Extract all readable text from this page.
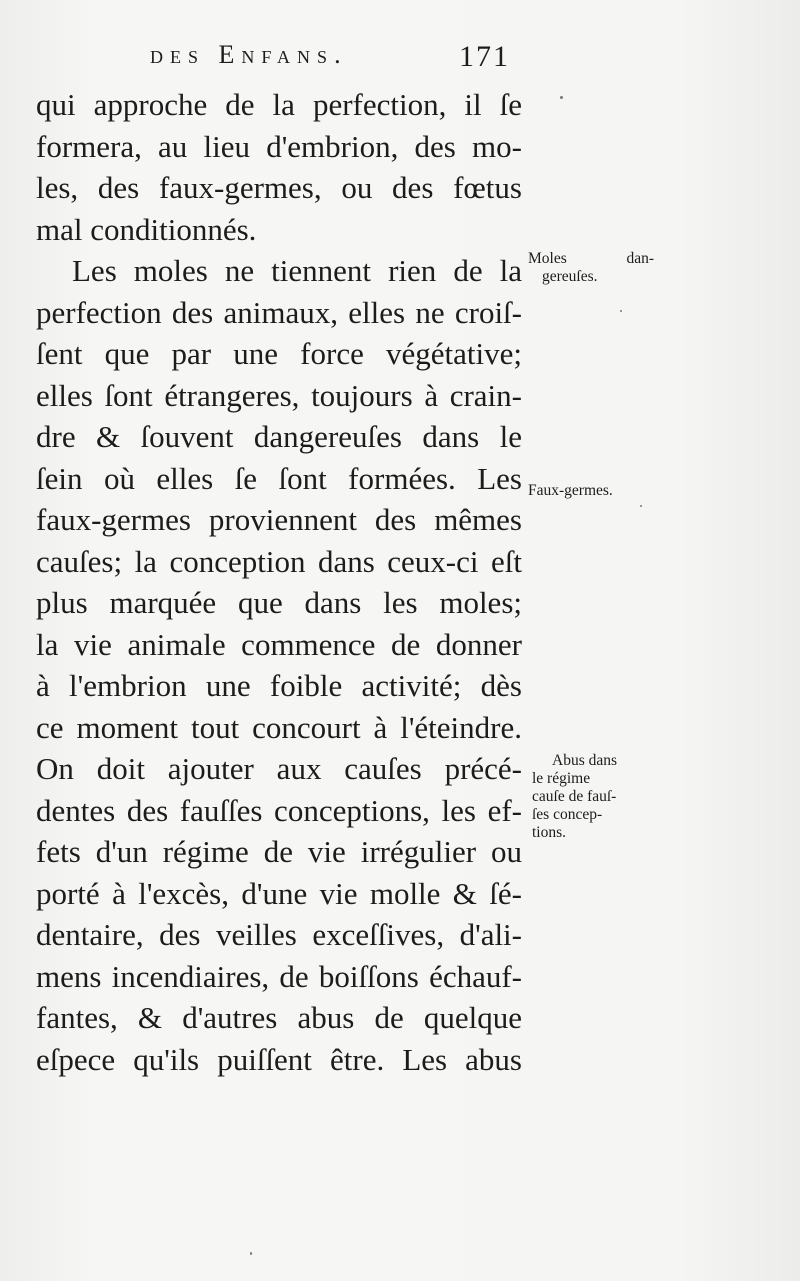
des Enfans.	171
qui approche de la perfection, il ſe
formera, au lieu d'embrion, des mo-
les, des faux-germes, ou des fœtus
mal conditionnés.
Les moles ne tiennent rien de la
perfection des animaux, elles ne croiſ-
ſent que par une force végétative;
elles ſont étrangeres, toujours à crain-
dre & ſouvent dangereuſes dans le
ſein où elles ſe ſont formées. Les
faux-germes proviennent des mêmes
cauſes; la conception dans ceux-ci eſt
plus marquée que dans les moles;
la vie animale commence de donner
à l'embrion une foible activité; dès
ce moment tout concourt à l'éteindre.
On doit ajouter aux cauſes précé-
dentes des fauſſes conceptions, les ef-
fets d'un régime de vie irrégulier ou
porté à l'excès, d'une vie molle & ſé-
dentaire, des veilles exceſſives, d'ali-
mens incendiaires, de boiſſons échauf-
fantes, & d'autres abus de quelque
eſpece qu'ils puiſſent être. Les abus
Moles dan-
gereuſes.
Faux-germes.
Abus dans
le régime
cauſe de fauſ-
ſes concep-
tions.
